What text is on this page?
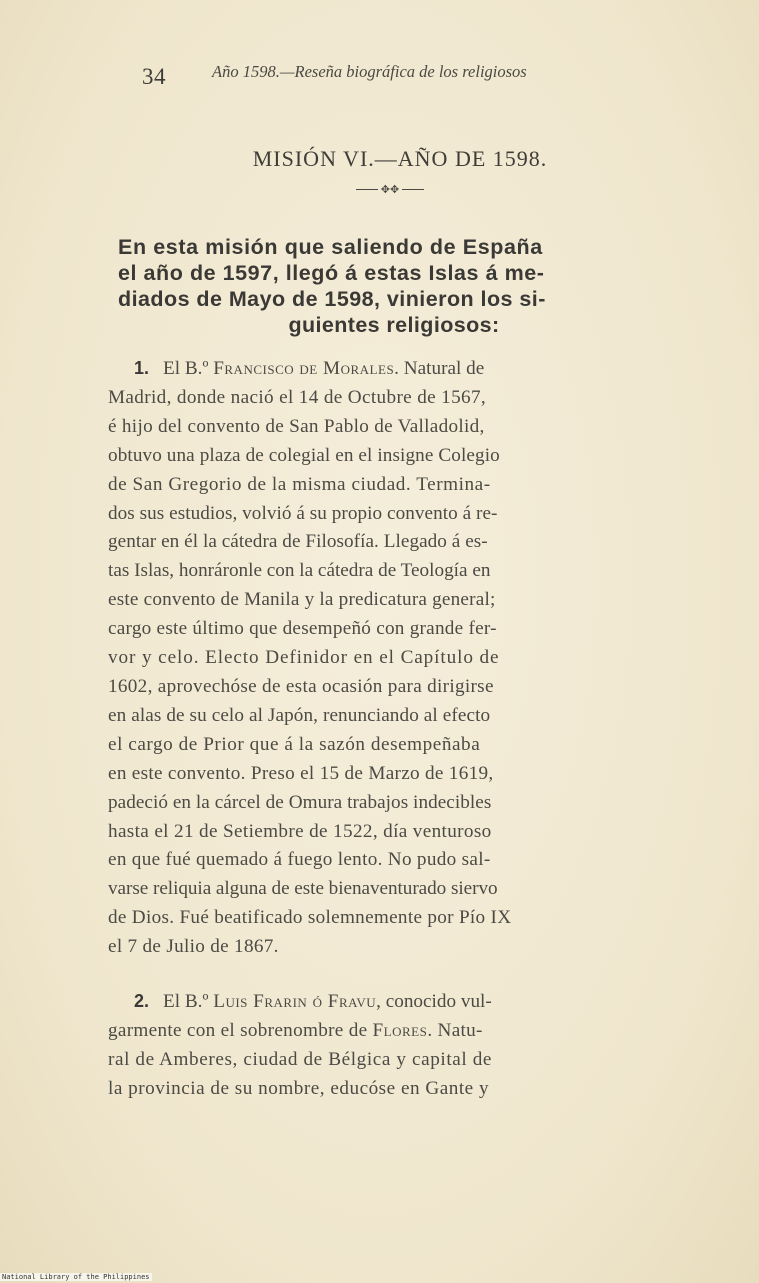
34	Año 1598.—Reseña biográfica de los religiosos
MISIÓN VI.—AÑO DE 1598.
✥✥
En esta misión que saliendo de España
el año de 1597, llegó á estas Islas á me-
diados de Mayo de 1598, vinieron los si-
guientes religiosos:
1. El B.º Francisco de Morales. Natural de
Madrid, donde nació el 14 de Octubre de 1567,
é hijo del convento de San Pablo de Valladolid,
obtuvo una plaza de colegial en el insigne Colegio
de San Gregorio de la misma ciudad. Termina-
dos sus estudios, volvió á su propio convento á re-
gentar en él la cátedra de Filosofía. Llegado á es-
tas Islas, honráronle con la cátedra de Teología en
este convento de Manila y la predicatura general;
cargo este último que desempeñó con grande fer-
vor y celo. Electo Definidor en el Capítulo de
1602, aprovechóse de esta ocasión para dirigirse
en alas de su celo al Japón, renunciando al efecto
el cargo de Prior que á la sazón desempeñaba
en este convento. Preso el 15 de Marzo de 1619,
padeció en la cárcel de Omura trabajos indecibles
hasta el 21 de Setiembre de 1522, día venturoso
en que fué quemado á fuego lento. No pudo sal-
varse reliquia alguna de este bienaventurado siervo
de Dios. Fué beatificado solemnemente por Pío IX
el 7 de Julio de 1867.
2. El B.º Luis Frarin ó Fravu, conocido vul-
garmente con el sobrenombre de Flores. Natu-
ral de Amberes, ciudad de Bélgica y capital de
la provincia de su nombre, educóse en Gante y
National Library of the Philippines
